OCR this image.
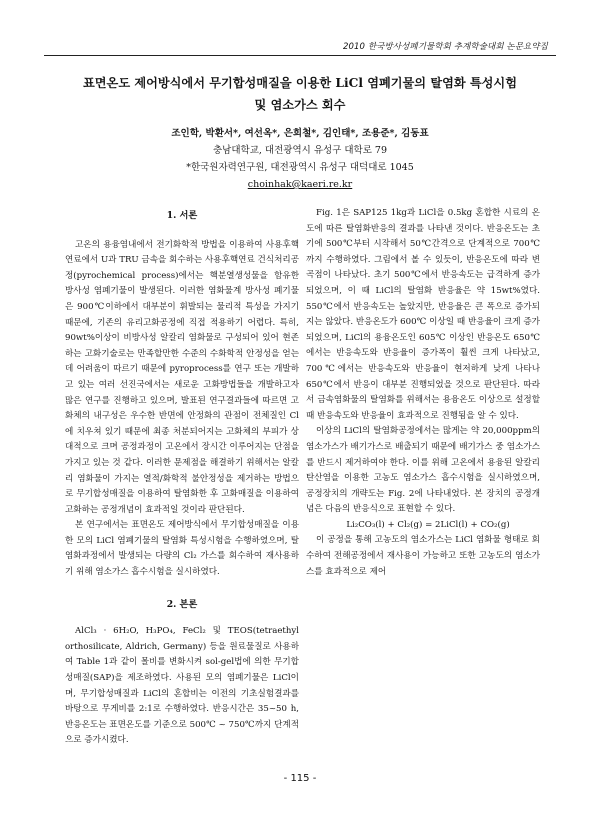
2010 한국방사성폐기물학회 추계학술대회 논문요약집
표면온도 제어방식에서 무기합성매질을 이용한 LiCl 염폐기물의 탈염화 특성시험
및 염소가스 회수
조인학, 박환서*, 여선옥*, 은희철*, 김인태*, 조용준*, 김동표
충남대학교, 대전광역시 유성구 대학로 79
*한국원자력연구원, 대전광역시 유성구 대덕대로 1045
choinhak@kaeri.re.kr
1. 서론

고온의 용융염내에서 전기화학적 방법을 이용하여 사용후핵연료에서 U과 TRU 금속을 회수하는 사용후핵연료 건식처리공정(pyrochemical process)에서는 핵분열생성물을 함유한 방사성 염폐기물이 발생된다. 이러한 염화물계 방사성 폐기물은 900℃이하에서 대부분이 휘발되는 물리적 특성을 가지기 때문에, 기존의 유리고화공정에 직접 적용하기 어렵다. 특히, 90wt%이상이 비방사성 알칼리 염화물로 구성되어 있어 현존하는 고화기술로는 만족할만한 수준의 수화학적 안정성을 얻는데 어려움이 따르기 때문에 pyroprocess를 연구 또는 개발하고 있는 여러 선진국에서는 새로운 고화방법들을 개발하고자 많은 연구를 진행하고 있으며, 발표된 연구결과들에 따르면 고화체의 내구성은 우수한 반면에 안정화의 관점이 전체질인 Cl에 치우쳐 있기 때문에 최종 처분되어지는 고화체의 부피가 상대적으로 크며 공정과정이 고온에서 장시간 이루어지는 단점을 가지고 있는 것 같다. 이러한 문제점을 해결하기 위해서는 알칼리 염화물이 가지는 열적/화학적 불안정성을 제거하는 방법으로 무기합성매질을 이용하여 탈염화한 후 고화매질을 이용하여 고화하는 공정개념이 효과적일 것이라 판단된다.

본 연구에서는 표면온도 제어방식에서 무기합성매질을 이용한 모의 LiCl 염폐기물의 탈염화 특성시험을 수행하였으며, 탈염화과정에서 발생되는 다량의 Cl₂ 가스를 회수하여 재사용하기 위해 염소가스 흡수시험을 실시하였다.

2. 본론

AlCl₃ · 6H₂O, H₃PO₄, FeCl₂ 및 TEOS(tetraethyl orthosilicate, Aldrich, Germany) 등을 원료물질로 사용하여 Table 1과 같이 몰비를 변화시켜 sol-gel법에 의한 무기합성매질(SAP)을 제조하였다. 사용된 모의 염폐기물은 LiCl이며, 무기합성매질과 LiCl의 혼합비는 이전의 기초실험결과를 바탕으로 무게비를 2:1로 수행하였다. 반응시간은 35~50 h, 반응온도는 표면온도를 기준으로 500℃ ~ 750℃까지 단계적으로 증가시켰다.

Fig. 1은 SAP125 1kg과 LiCl을 0.5kg 혼합한 시료의 온도에 따른 탈염화반응의 결과를 나타낸 것이다. 반응온도는 초기에 500℃부터 시작해서 50℃간격으로 단계적으로 700℃까지 수행하였다. 그림에서 볼 수 있듯이, 반응온도에 따라 변곡점이 나타났다. 초기 500℃에서 반응속도는 급격하게 증가되었으며, 이 때 LiCl의 탈염화 반응율은 약 15wt%였다. 550℃에서 반응속도는 높았지만, 반응율은 큰 폭으로 증가되지는 않았다. 반응온도가 600℃ 이상일 때 반응율이 크게 증가되었으며, LiCl의 용융온도인 605℃ 이상인 반응온도 650℃에서는 반응속도와 반응율이 증가폭이 훨씬 크게 나타났고, 700℃에서는 반응속도와 반응율이 현저하게 낮게 나타나 650℃에서 반응이 대부분 진행되었을 것으로 판단된다. 따라서 금속염화물의 탈염화를 위해서는 용융온도 이상으로 설정할 때 반응속도와 반응율이 효과적으로 진행됨을 알 수 있다.

이상의 LiCl의 탈염화공정에서는 많게는 약 20,000ppm의 염소가스가 배기가스로 배출되기 때문에 배기가스 중 염소가스를 반드시 제거하여야 한다. 이를 위해 고온에서 용융된 알칼리탄산염을 이용한 고농도 염소가스 흡수시험을 실시하였으며, 공정장치의 개략도는 Fig. 2에 나타내었다. 본 장치의 공정개념은 다음의 반응식으로 표현할 수 있다.

Li₂CO₃(l) + Cl₂(g) = 2LiCl(l) + CO₂(g)

이 공정을 통해 고농도의 염소가스는 LiCl 염화물 형태로 회수하여 전해공정에서 재사용이 가능하고 또한 고농도의 염소가스를 효과적으로 제어

- 115 -
